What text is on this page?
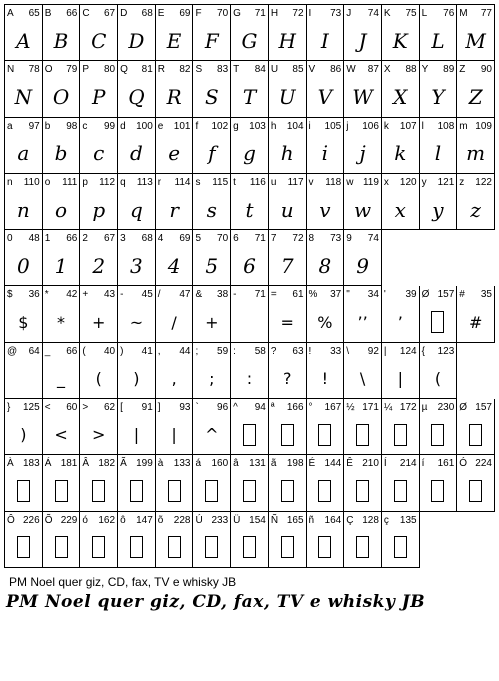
A 65
A
B 66
B
C 67
C
D 68
D
E 69
E
F 70
F
G 71
G
H 72
H
I 73
I
J 74
J
K 75
K
L 76
L
M 77
M
N 78
N
O 79
O
P 80
P
Q 81
Q
R 82
R
S 83
S
T 84
T
U 85
U
V 86
V
W 87
W
X 88
X
Y 89
Y
Z 90
Z
a 97
a
b 98
b
c 99
c
d 100
d
e 101
e
f 102
f
g 103
g
h 104
h
i 105
i
j 106
j
k 107
k
l 108
l
m 109
m
n 110
n
o 111
o
p 112
p
q 113
q
r 114
r
s 115
s
t 116
t
u 117
u
v 118
v
w 119
w
x 120
x
y 121
y
z 122
z
0 48
0
1 66
1
2 67
2
3 68
3
4 69
4
5 70
5
6 71
6
7 72
7
8 73
8
9 74
9
$ 36
$
* 42
*
+ 43
+
- 45
~
/ 47
/
& 38
+
- 71 = 61
=
% 37
%
" 34
’’
' 39
’
Ø 157 # 35
#
@ 64 _ 66
_
( 40
(
) 41
)
, 44
,
; 59
;
: 58
:
? 63
?
! 33
!
\ 92
\
| 124
|
{ 123
(
} 125
)
< 60
<
> 62
>
[ 91
|
] 93
|
` 96
^
^ 94 ª 166 ° 167 ½ 171 ¼ 172 µ 230 Ø 157
À 183 Á 181 Â 182 Ã 199 à 133 á 160 â 131 ã 198 É 144 Ê 210 Í 214 í 161 Ó 224
Ô 226 Õ 229 ó 162 ô 147 õ 228 Ú 233 Ü 154 Ñ 165 ñ 164 Ç 128 ç 135
PM Noel quer giz, CD, fax, TV e whisky JB
PM Noel quer giz, CD, fax, TV e whisky JB
